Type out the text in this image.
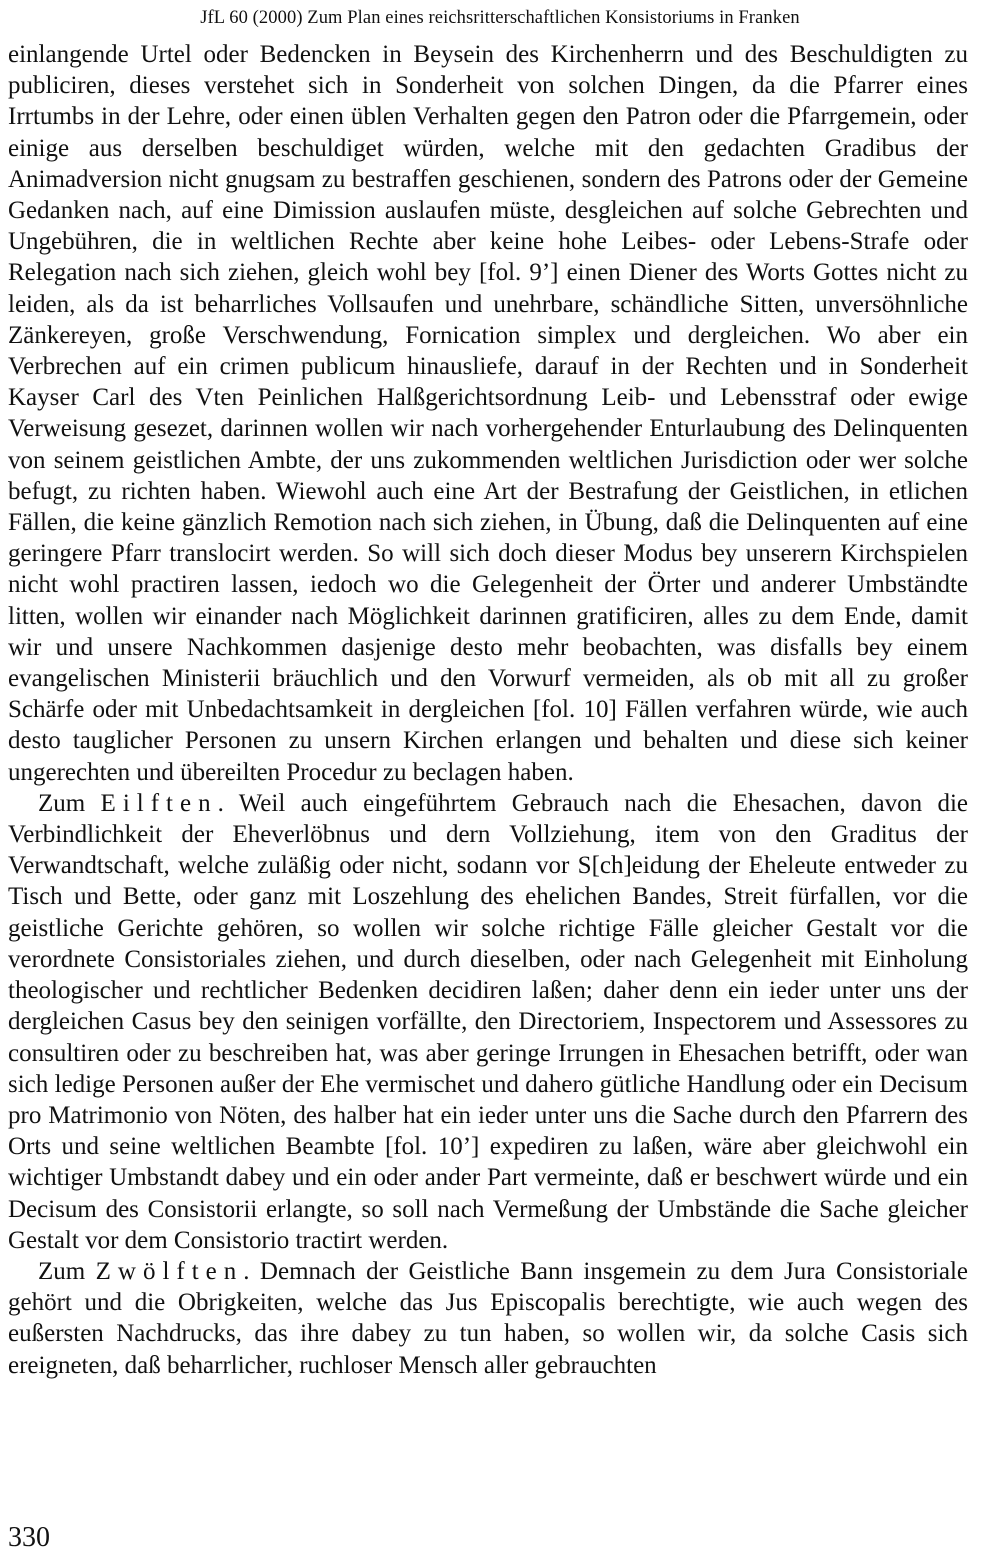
JfL 60 (2000) Zum Plan eines reichsritterschaftlichen Konsistoriums in Franken

einlangende Urtel oder Bedencken in Beysein des Kirchenherrn und des Beschuldigten zu publiciren, dieses verstehet sich in Sonderheit von solchen Dingen, da die Pfarrer eines Irrtumbs in der Lehre, oder einen üblen Verhalten gegen den Patron oder die Pfarrgemein, oder einige aus derselben beschuldiget würden, welche mit den gedachten Gradibus der Animadversion nicht gnugsam zu bestraffen geschienen, sondern des Patrons oder der Gemeine Gedanken nach, auf eine Dimission auslaufen müste, desgleichen auf solche Gebrechten und Ungebühren, die in weltlichen Rechte aber keine hohe Leibes- oder Lebens-Strafe oder Relegation nach sich ziehen, gleich wohl bey [fol. 9’] einen Diener des Worts Gottes nicht zu leiden, als da ist beharrliches Vollsaufen und unehrbare, schändliche Sitten, unversöhnliche Zänkereyen, große Verschwendung, Fornication simplex und dergleichen. Wo aber ein Verbrechen auf ein crimen publicum hinausliefe, darauf in der Rechten und in Sonderheit Kayser Carl des Vten Peinlichen Halßgerichtsordnung Leib- und Lebensstraf oder ewige Verweisung gesezet, darinnen wollen wir nach vorhergehender Enturlaubung des Delinquenten von seinem geistlichen Ambte, der uns zukommenden weltlichen Jurisdiction oder wer solche befugt, zu richten haben. Wiewohl auch eine Art der Bestrafung der Geistlichen, in etlichen Fällen, die keine gänzlich Remotion nach sich ziehen, in Übung, daß die Delinquenten auf eine geringere Pfarr translocirt werden. So will sich doch dieser Modus bey unserern Kirchspielen nicht wohl practiren lassen, iedoch wo die Gelegenheit der Örter und anderer Umbständte litten, wollen wir einander nach Möglichkeit darinnen gratificiren, alles zu dem Ende, damit wir und unsere Nachkommen dasjenige desto mehr beobachten, was disfalls bey einem evangelischen Ministerii bräuchlich und den Vorwurf vermeiden, als ob mit all zu großer Schärfe oder mit Unbedachtsamkeit in dergleichen [fol. 10] Fällen verfahren würde, wie auch desto tauglicher Personen zu unsern Kirchen erlangen und behalten und diese sich keiner ungerechten und übereilten Procedur zu beclagen haben.

Zum Eilften. Weil auch eingeführtem Gebrauch nach die Ehesachen, davon die Verbindlichkeit der Eheverlöbnus und dern Vollziehung, item von den Graditus der Verwandtschaft, welche zuläßig oder nicht, sodann vor S[ch]eidung der Eheleute entweder zu Tisch und Bette, oder ganz mit Loszehlung des ehelichen Bandes, Streit fürfallen, vor die geistliche Gerichte gehören, so wollen wir solche richtige Fälle gleicher Gestalt vor die verordnete Consistoriales ziehen, und durch dieselben, oder nach Gelegenheit mit Einholung theologischer und rechtlicher Bedenken decidiren laßen; daher denn ein ieder unter uns der dergleichen Casus bey den seinigen vorfällte, den Directoriem, Inspectorem und Assessores zu consultiren oder zu beschreiben hat, was aber geringe Irrungen in Ehesachen betrifft, oder wan sich ledige Personen außer der Ehe vermischet und dahero gütliche Handlung oder ein Decisum pro Matrimonio von Nöten, des halber hat ein ieder unter uns die Sache durch den Pfarrern des Orts und seine weltlichen Beambte [fol. 10’] expediren zu laßen, wäre aber gleichwohl ein wichtiger Umbstandt dabey und ein oder ander Part vermeinte, daß er beschwert würde und ein Decisum des Consistorii erlangte, so soll nach Vermeßung der Umbstände die Sache gleicher Gestalt vor dem Consistorio tractirt werden.

Zum Zwölften. Demnach der Geistliche Bann insgemein zu dem Jura Consistoriale gehört und die Obrigkeiten, welche das Jus Episcopalis berechtigte, wie auch wegen des eußersten Nachdrucks, das ihre dabey zu tun haben, so wollen wir, da solche Casis sich ereigneten, daß beharrlicher, ruchloser Mensch aller gebrauchten

330
